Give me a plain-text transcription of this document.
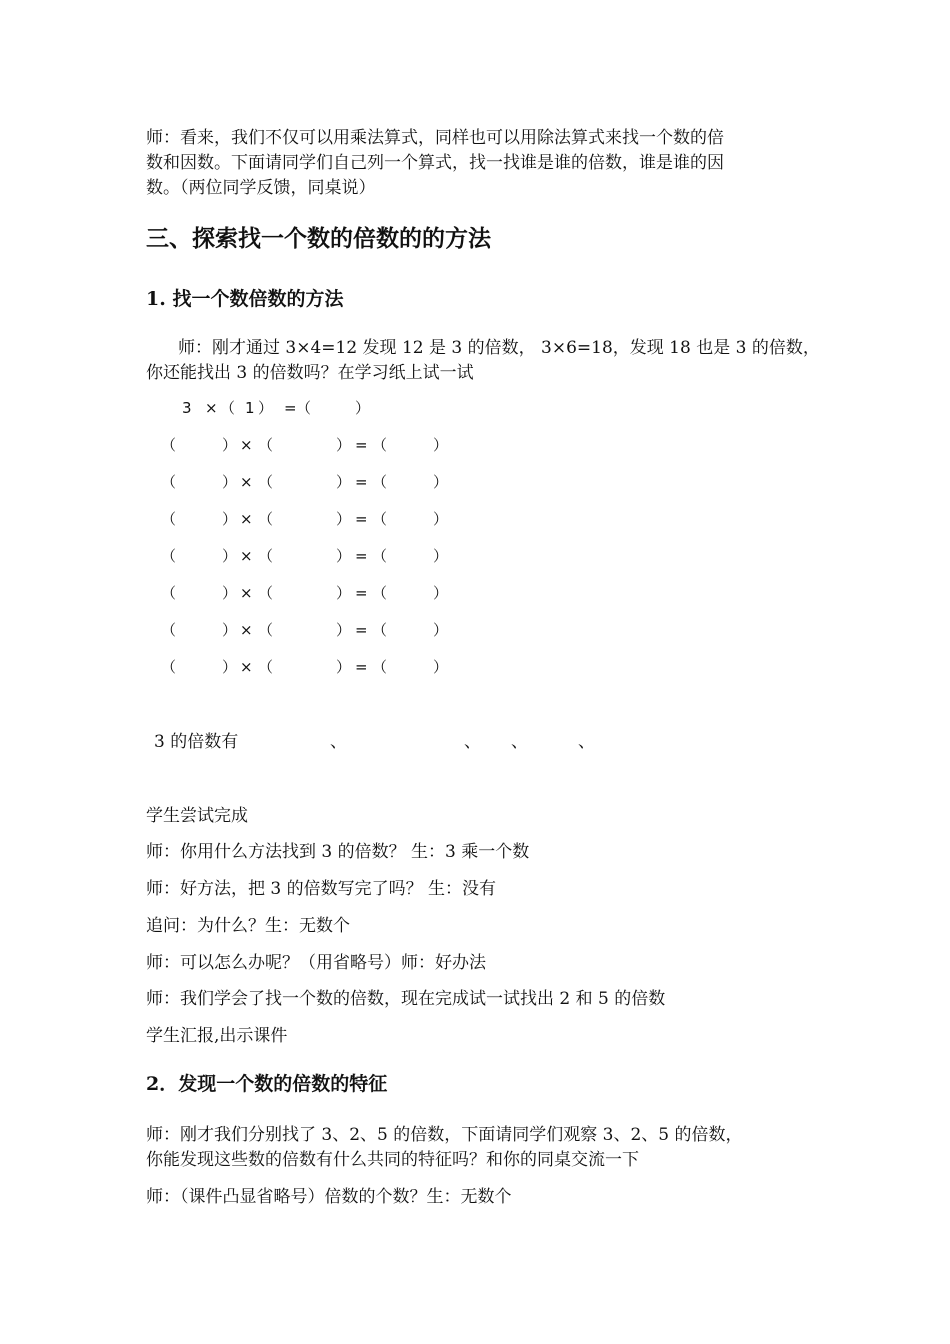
师：看来，我们不仅可以用乘法算式，同样也可以用除法算式来找一个数的倍

数和因数。下面请同学们自己列一个算式，找一找谁是谁的倍数，谁是谁的因

数。（两位同学反馈，同桌说）

三、探索找一个数的倍数的的方法
1. 找一个数倍数的方法

师：刚才通过 3×4=12 发现 12 是 3 的倍数， 3×6=18，发现 18 也是 3 的倍数，

你还能找出 3 的倍数吗？在学习纸上试一试

3 × （ 1 ） = （	）
（	） × （	） = （	）
（	） × （	） = （	）
（	） × （	） = （	）
（	） × （	） = （	）
（	） × （	） = （	）
（	） × （	） = （	）
（	） × （	） = （	）
3 的倍数有	、	、 、	、

学生尝试完成

师：你用什么方法找到 3 的倍数？ 生：3 乘一个数

师：好方法，把 3 的倍数写完了吗？ 生：没有

追问：为什么？生：无数个

师：可以怎么办呢？（用省略号）师：好办法

师：我们学会了找一个数的倍数，现在完成试一试找出 2 和 5 的倍数

学生汇报,出示课件

2．发现一个数的倍数的特征

师：刚才我们分别找了 3、2、5 的倍数，下面请同学们观察 3、2、5 的倍数，

你能发现这些数的倍数有什么共同的特征吗？和你的同桌交流一下

师：（课件凸显省略号）倍数的个数？生：无数个
